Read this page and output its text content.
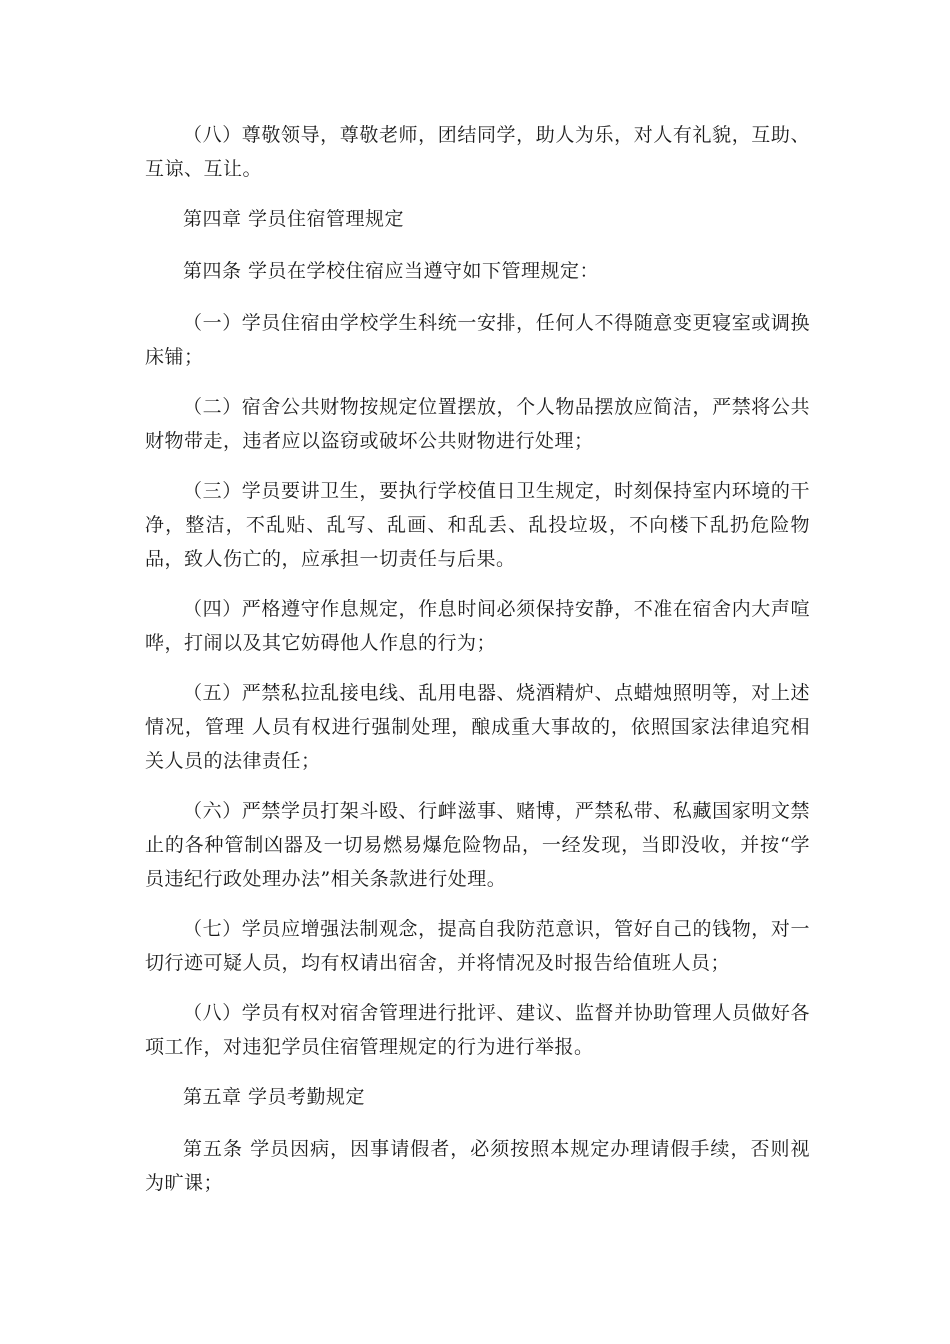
（八）尊敬领导，尊敬老师，团结同学，助人为乐，对人有礼貌，互助、互谅、互让。

第四章 学员住宿管理规定

第四条 学员在学校住宿应当遵守如下管理规定：

（一）学员住宿由学校学生科统一安排，任何人不得随意变更寝室或调换床铺；

（二）宿舍公共财物按规定位置摆放，个人物品摆放应简洁，严禁将公共财物带走，违者应以盗窃或破坏公共财物进行处理；

（三）学员要讲卫生，要执行学校值日卫生规定，时刻保持室内环境的干净，整洁，不乱贴、乱写、乱画、和乱丢、乱投垃圾，不向楼下乱扔危险物品，致人伤亡的，应承担一切责任与后果。

（四）严格遵守作息规定，作息时间必须保持安静，不准在宿舍内大声喧哗，打闹以及其它妨碍他人作息的行为；

（五）严禁私拉乱接电线、乱用电器、烧酒精炉、点蜡烛照明等，对上述情况，管理 人员有权进行强制处理，酿成重大事故的，依照国家法律追究相关人员的法律责任；

（六）严禁学员打架斗殴、行衅滋事、赌博，严禁私带、私藏国家明文禁止的各种管制凶器及一切易燃易爆危险物品，一经发现，当即没收，并按“学员违纪行政处理办法”相关条款进行处理。

（七）学员应增强法制观念，提高自我防范意识，管好自己的钱物，对一切行迹可疑人员，均有权请出宿舍，并将情况及时报告给值班人员；

（八）学员有权对宿舍管理进行批评、建议、监督并协助管理人员做好各项工作，对违犯学员住宿管理规定的行为进行举报。

第五章 学员考勤规定

第五条 学员因病，因事请假者，必须按照本规定办理请假手续，否则视为旷课；
